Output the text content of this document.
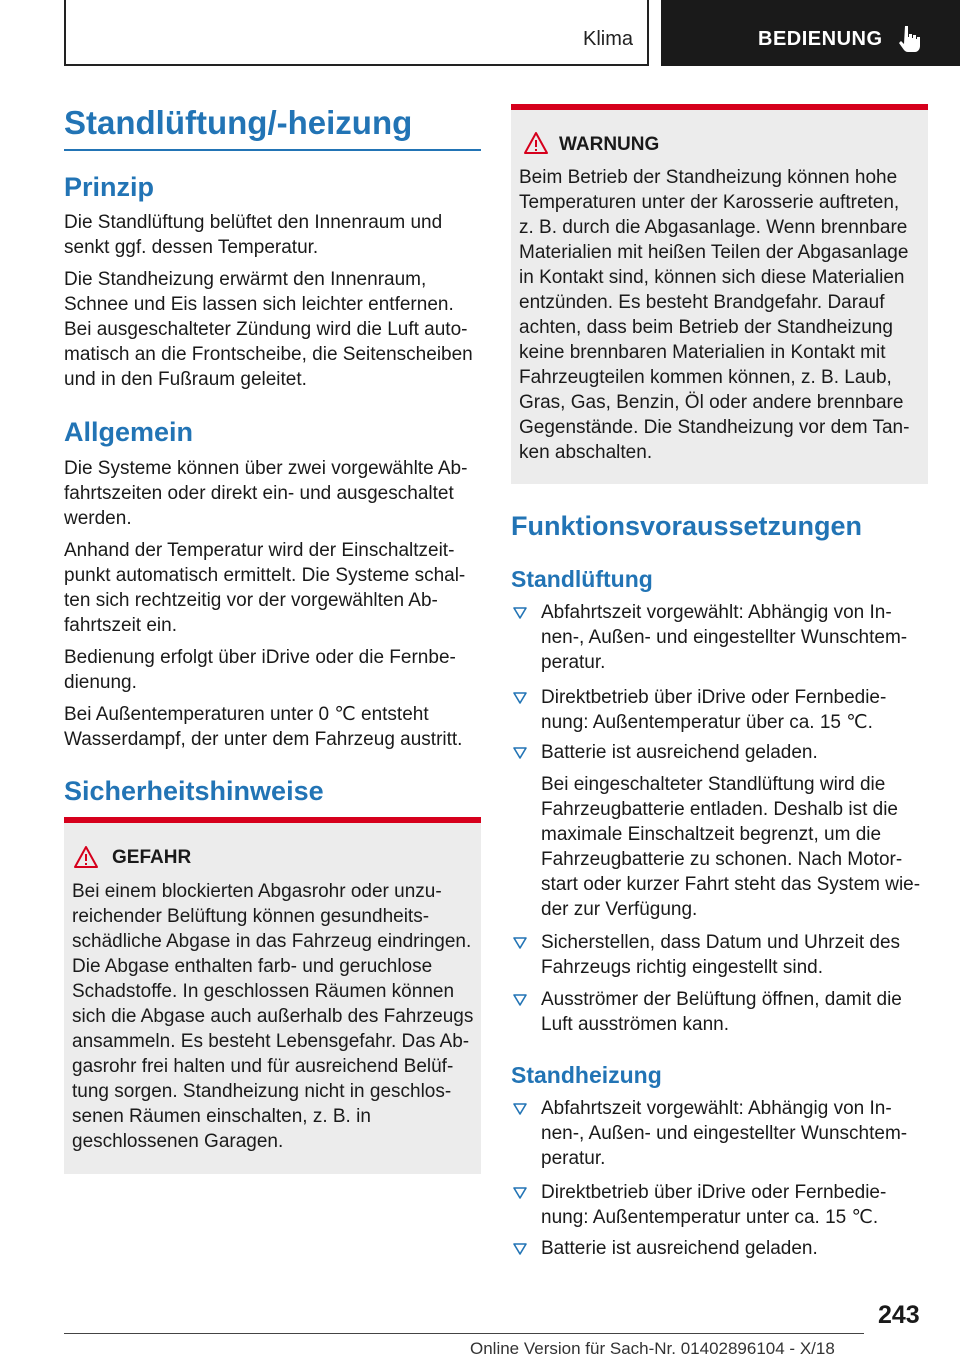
Klima	BEDIENUNG
Standlüftung/-heizung
Prinzip
Die Standlüftung belüftet den Innenraum und
senkt ggf. dessen Temperatur.
Die Standheizung erwärmt den Innenraum,
Schnee und Eis lassen sich leichter entfernen.
Bei ausgeschalteter Zündung wird die Luft auto‐
matisch an die Frontscheibe, die Seitenscheiben
und in den Fußraum geleitet.
Allgemein
Die Systeme können über zwei vorgewählte Ab‐
fahrtszeiten oder direkt ein- und ausgeschaltet
werden.
Anhand der Temperatur wird der Einschaltzeit‐
punkt automatisch ermittelt. Die Systeme schal‐
ten sich rechtzeitig vor der vorgewählten Ab‐
fahrtszeit ein.
Bedienung erfolgt über iDrive oder die Fernbe‐
dienung.
Bei Außentemperaturen unter 0 ℃ entsteht
Wasserdampf, der unter dem Fahrzeug austritt.
Sicherheitshinweise
GEFAHR
Bei einem blockierten Abgasrohr oder unzu‐
reichender Belüftung können gesundheits‐
schädliche Abgase in das Fahrzeug eindringen.
Die Abgase enthalten farb- und geruchlose
Schadstoffe. In geschlossen Räumen können
sich die Abgase auch außerhalb des Fahrzeugs
ansammeln. Es besteht Lebensgefahr. Das Ab‐
gasrohr frei halten und für ausreichend Belüf‐
tung sorgen. Standheizung nicht in geschlos‐
senen Räumen einschalten, z. B. in
geschlossenen Garagen.
WARNUNG
Beim Betrieb der Standheizung können hohe
Temperaturen unter der Karosserie auftreten,
z. B. durch die Abgasanlage. Wenn brennbare
Materialien mit heißen Teilen der Abgasanlage
in Kontakt sind, können sich diese Materialien
entzünden. Es besteht Brandgefahr. Darauf
achten, dass beim Betrieb der Standheizung
keine brennbaren Materialien in Kontakt mit
Fahrzeugteilen kommen können, z. B. Laub,
Gras, Gas, Benzin, Öl oder andere brennbare
Gegenstände. Die Standheizung vor dem Tan‐
ken abschalten.
Funktionsvoraussetzungen
Standlüftung
Abfahrtszeit vorgewählt: Abhängig von In‐
nen-, Außen- und eingestellter Wunschtem‐
peratur.
Direktbetrieb über iDrive oder Fernbedie‐
nung: Außentemperatur über ca. 15 ℃.
Batterie ist ausreichend geladen.
Bei eingeschalteter Standlüftung wird die
Fahrzeugbatterie entladen. Deshalb ist die
maximale Einschaltzeit begrenzt, um die
Fahrzeugbatterie zu schonen. Nach Motor‐
start oder kurzer Fahrt steht das System wie‐
der zur Verfügung.
Sicherstellen, dass Datum und Uhrzeit des
Fahrzeugs richtig eingestellt sind.
Ausströmer der Belüftung öffnen, damit die
Luft ausströmen kann.
Standheizung
Abfahrtszeit vorgewählt: Abhängig von In‐
nen-, Außen- und eingestellter Wunschtem‐
peratur.
Direktbetrieb über iDrive oder Fernbedie‐
nung: Außentemperatur unter ca. 15 ℃.
Batterie ist ausreichend geladen.
243
Online Version für Sach-Nr. 01402896104 - X/18
